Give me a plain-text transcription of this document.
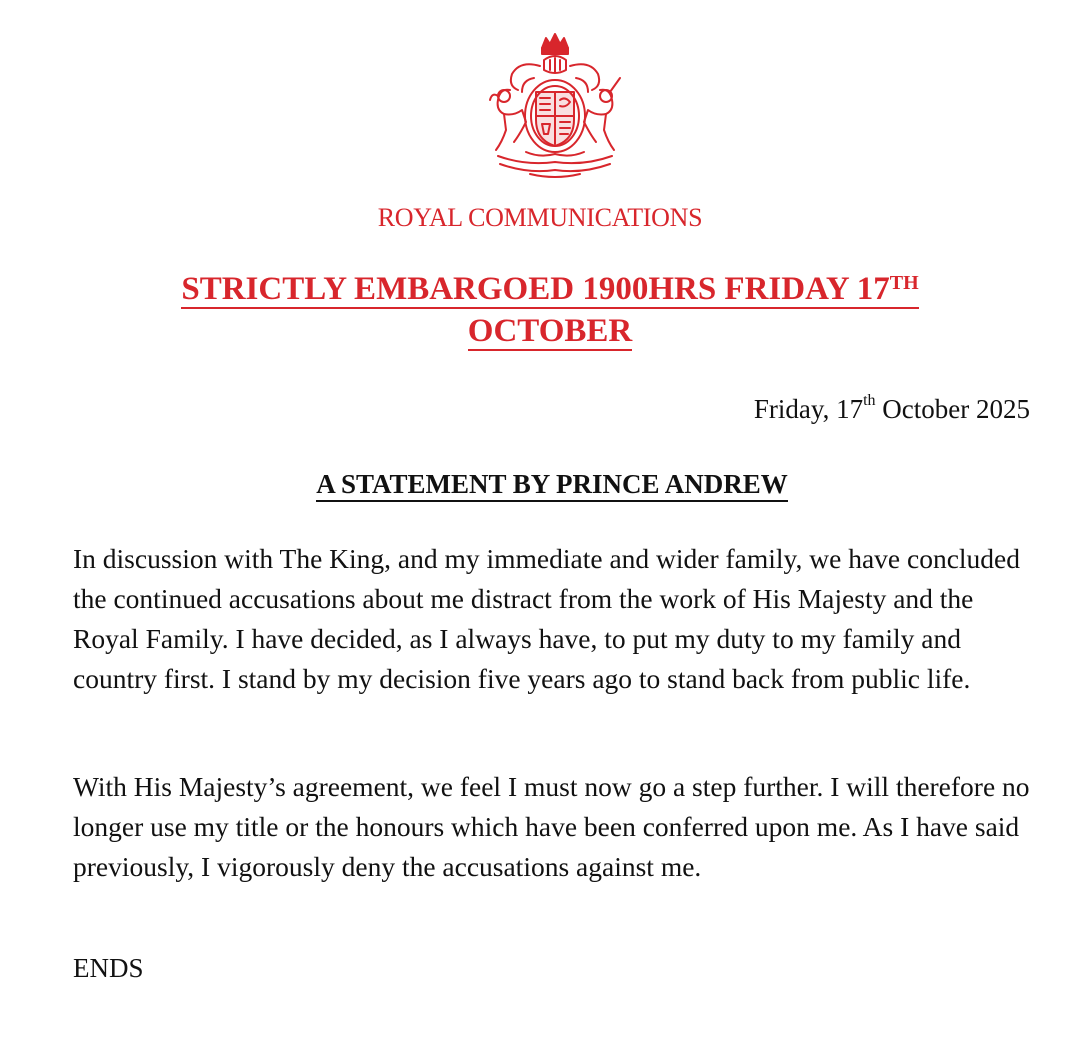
ROYAL COMMUNICATIONS
STRICTLY EMBARGOED 1900HRS FRIDAY 17TH
OCTOBER
Friday, 17th October 2025
A STATEMENT BY PRINCE ANDREW

In discussion with The King, and my immediate and wider family, we have concluded the continued accusations about me distract from the work of His Majesty and the Royal Family. I have decided, as I always have, to put my duty to my family and country first. I stand by my decision five years ago to stand back from public life.

With His Majesty’s agreement, we feel I must now go a step further. I will therefore no longer use my title or the honours which have been conferred upon me. As I have said previously, I vigorously deny the accusations against me.

ENDS
